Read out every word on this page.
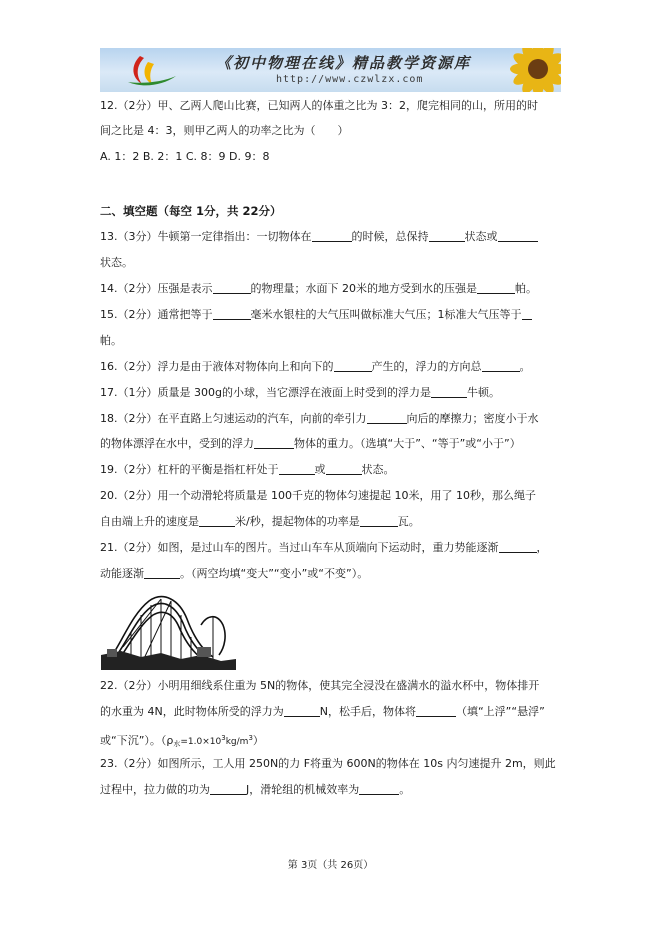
《初中物理在线》精品教学资源库
http://www.czwlzx.com
12.（2分）甲、乙两人爬山比赛，已知两人的体重之比为 3：2，爬完相同的山，所用的时
间之比是 4：3，则甲乙两人的功率之比为（　　）
A. 1：2 B. 2：1 C. 8：9 D. 9：8
二、填空题（每空 1分，共 22分）
13.（3分）牛顿第一定律指出：一切物体在	的时候，总保持	状态或
状态。
14.（2分）压强是表示	的物理量；水面下 20米的地方受到水的压强是	帕。
15.（2分）通常把等于	毫米水银柱的大气压叫做标准大气压；1标准大气压等于
帕。
16.（2分）浮力是由于液体对物体向上和向下的	产生的，浮力的方向总	。
17.（1分）质量是 300g的小球，当它漂浮在液面上时受到的浮力是	牛顿。
18.（2分）在平直路上匀速运动的汽车，向前的牵引力	向后的摩擦力；密度小于水
的物体漂浮在水中，受到的浮力	物体的重力。（选填“大于”、“等于”或“小于”）
19.（2分）杠杆的平衡是指杠杆处于	或	状态。
20.（2分）用一个动滑轮将质量是 100千克的物体匀速提起 10米，用了 10秒，那么绳子
自由端上升的速度是	米/秒，提起物体的功率是	瓦。
21.（2分）如图，是过山车的图片。当过山车车从顶端向下运动时，重力势能逐渐	，
动能逐渐	。（两空均填“变大”“变小”或“不变”）。
22.（2分）小明用细线系住重为 5N的物体，使其完全浸没在盛满水的溢水杯中，物体排开
的水重为 4N，此时物体所受的浮力为	N，松手后，物体将	（填“上浮”“悬浮”
或“下沉”）。$(\rho_水=1.0\times 10^3kg/m^3)$
23.（2分）如图所示，工人用 250N的力 F将重为 600N的物体在 10s 内匀速提升 2m，则此
过程中，拉力做的功为	J，滑轮组的机械效率为	。
第 3页（共 26页）
